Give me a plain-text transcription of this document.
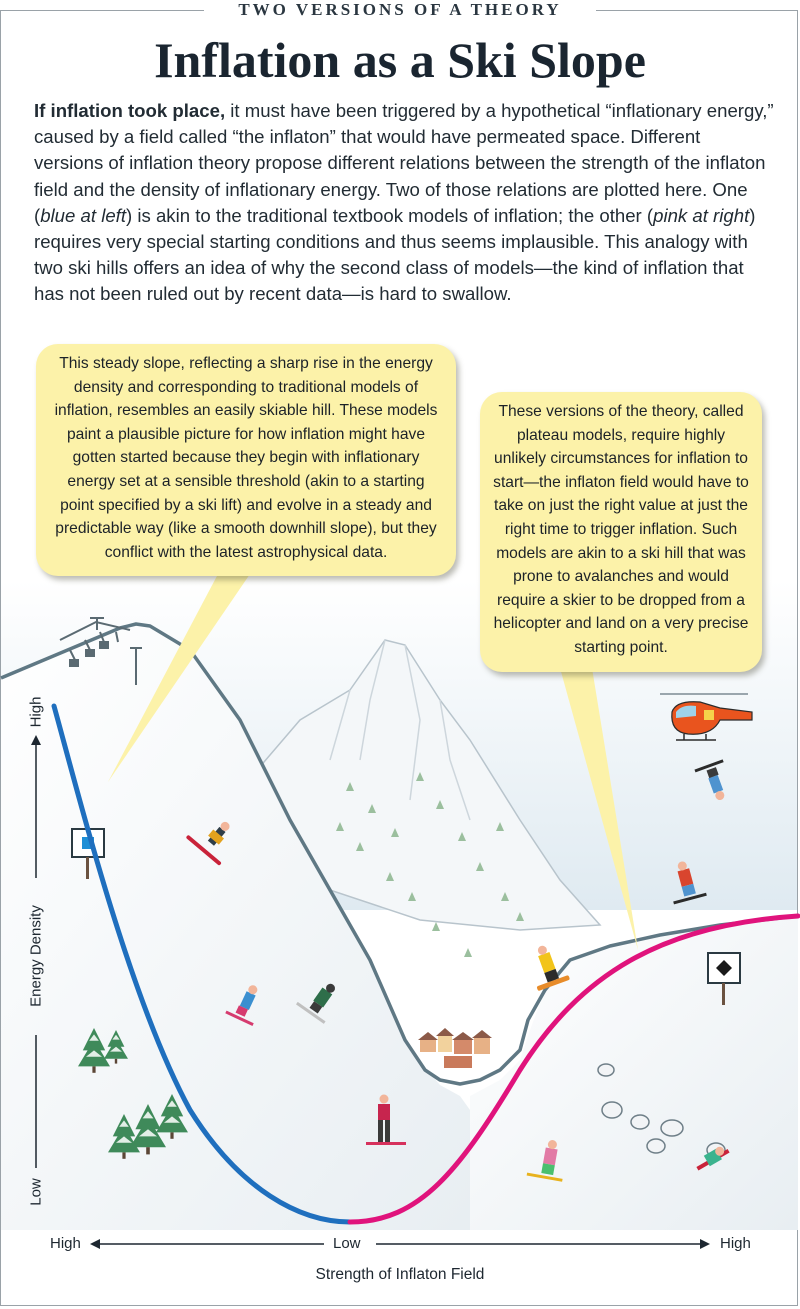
TWO VERSIONS OF A THEORY
Inflation as a Ski Slope

If inflation took place, it must have been triggered by a hypothetical “inflationary energy,” caused by a field called “the inflaton” that would have permeated space. Different versions of inflation theory propose different relations between the strength of the inflaton field and the density of inflationary energy. Two of those relations are plotted here. One (blue at left) is akin to the traditional textbook models of inflation; the other (pink at right) requires very special starting conditions and thus seems implausible. This analogy with two ski hills offers an idea of why the second class of models—the kind of inflation that has not been ruled out by recent data—is hard to swallow.

This steady slope, reflecting a sharp rise in the energy density and corresponding to traditional models of inflation, resembles an easily skiable hill. These models paint a plausible picture for how inflation might have gotten started because they begin with inflationary energy set at a sensible threshold (akin to a starting point specified by a ski lift) and evolve in a steady and predictable way (like a smooth downhill slope), but they conflict with the latest astrophysical data.
These versions of the theory, called plateau models, require highly unlikely circumstances for inflation to start—the inflaton field would have to take on just the right value at just the right time to trigger inflation. Such models are akin to a ski hill that was prone to avalanches and would require a skier to be dropped from a helicopter and land on a very precise starting point.
High
Energy Density
Low
High	Low	High
Strength of Inflaton Field
